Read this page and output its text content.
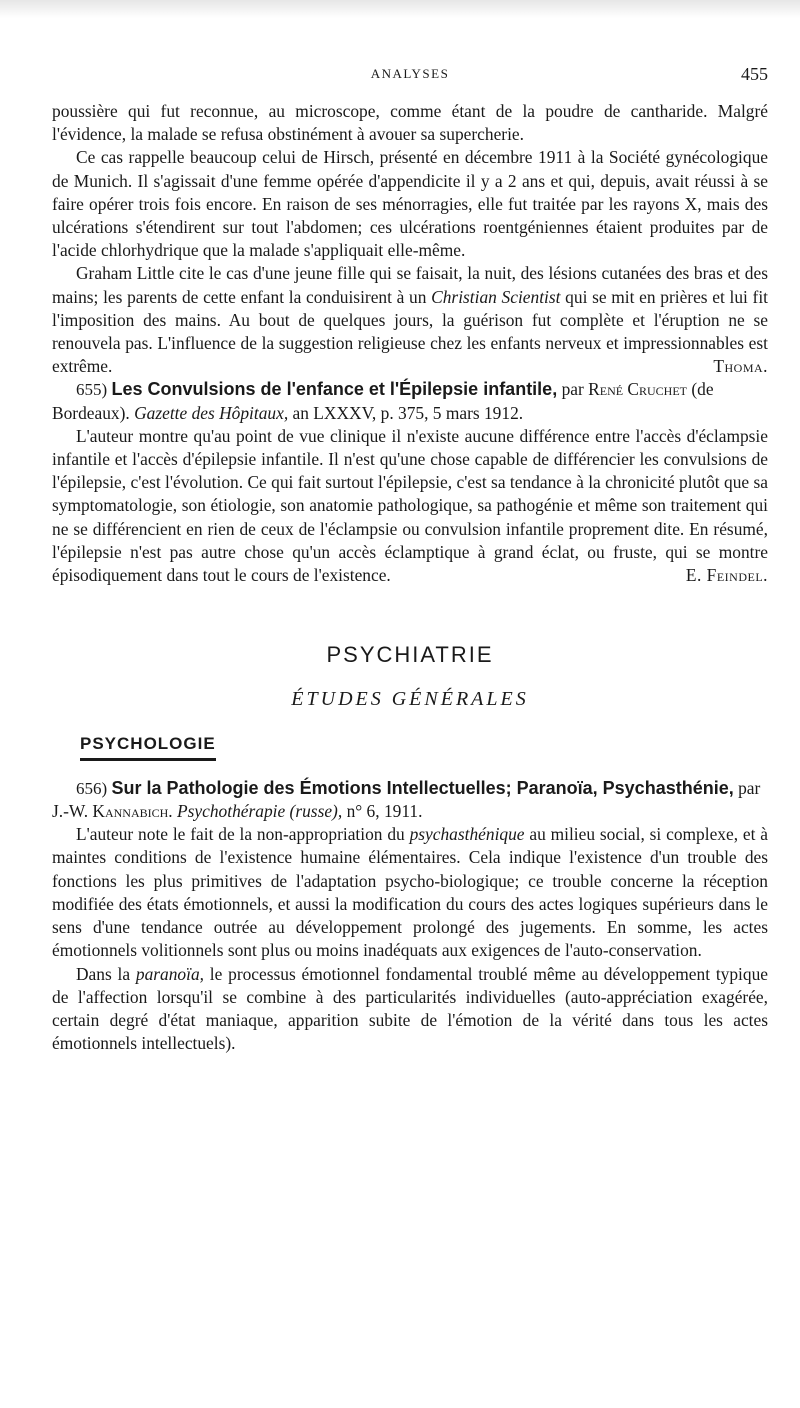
ANALYSES	455

poussière qui fut reconnue, au microscope, comme étant de la poudre de cantharide. Malgré l'évidence, la malade se refusa obstinément à avouer sa supercherie.

Ce cas rappelle beaucoup celui de Hirsch, présenté en décembre 1911 à la Société gynécologique de Munich. Il s'agissait d'une femme opérée d'appendicite il y a 2 ans et qui, depuis, avait réussi à se faire opérer trois fois encore. En raison de ses ménorragies, elle fut traitée par les rayons X, mais des ulcérations s'étendirent sur tout l'abdomen; ces ulcérations roentgéniennes étaient produites par de l'acide chlorhydrique que la malade s'appliquait elle-même.

Graham Little cite le cas d'une jeune fille qui se faisait, la nuit, des lésions cutanées des bras et des mains; les parents de cette enfant la conduisirent à un Christian Scientist qui se mit en prières et lui fit l'imposition des mains. Au bout de quelques jours, la guérison fut complète et l'éruption ne se renouvela pas. L'influence de la suggestion religieuse chez les enfants nerveux et impressionnables est extrême.	Thoma.

655) Les Convulsions de l'enfance et l'Épilepsie infantile, par René Cruchet (de Bordeaux). Gazette des Hôpitaux, an LXXXV, p. 375, 5 mars 1912.

L'auteur montre qu'au point de vue clinique il n'existe aucune différence entre l'accès d'éclampsie infantile et l'accès d'épilepsie infantile. Il n'est qu'une chose capable de différencier les convulsions de l'épilepsie, c'est l'évolution. Ce qui fait surtout l'épilepsie, c'est sa tendance à la chronicité plutôt que sa symptomatologie, son étiologie, son anatomie pathologique, sa pathogénie et même son traitement qui ne se différencient en rien de ceux de l'éclampsie ou convulsion infantile proprement dite. En résumé, l'épilepsie n'est pas autre chose qu'un accès éclamptique à grand éclat, ou fruste, qui se montre épisodiquement dans tout le cours de l'existence.	E. Feindel.

PSYCHIATRIE
ÉTUDES GÉNÉRALES
PSYCHOLOGIE

656) Sur la Pathologie des Émotions Intellectuelles; Paranoïa, Psychasthénie, par J.-W. Kannabich. Psychothérapie (russe), n° 6, 1911.

L'auteur note le fait de la non-appropriation du psychasthénique au milieu social, si complexe, et à maintes conditions de l'existence humaine élémentaires. Cela indique l'existence d'un trouble des fonctions les plus primitives de l'adaptation psycho-biologique; ce trouble concerne la réception modifiée des états émotionnels, et aussi la modification du cours des actes logiques supérieurs dans le sens d'une tendance outrée au développement prolongé des jugements. En somme, les actes émotionnels volitionnels sont plus ou moins inadéquats aux exigences de l'auto-conservation.

Dans la paranoïa, le processus émotionnel fondamental troublé même au développement typique de l'affection lorsqu'il se combine à des particularités individuelles (auto-appréciation exagérée, certain degré d'état maniaque, apparition subite de l'émotion de la vérité dans tous les actes émotionnels intellectuels).
